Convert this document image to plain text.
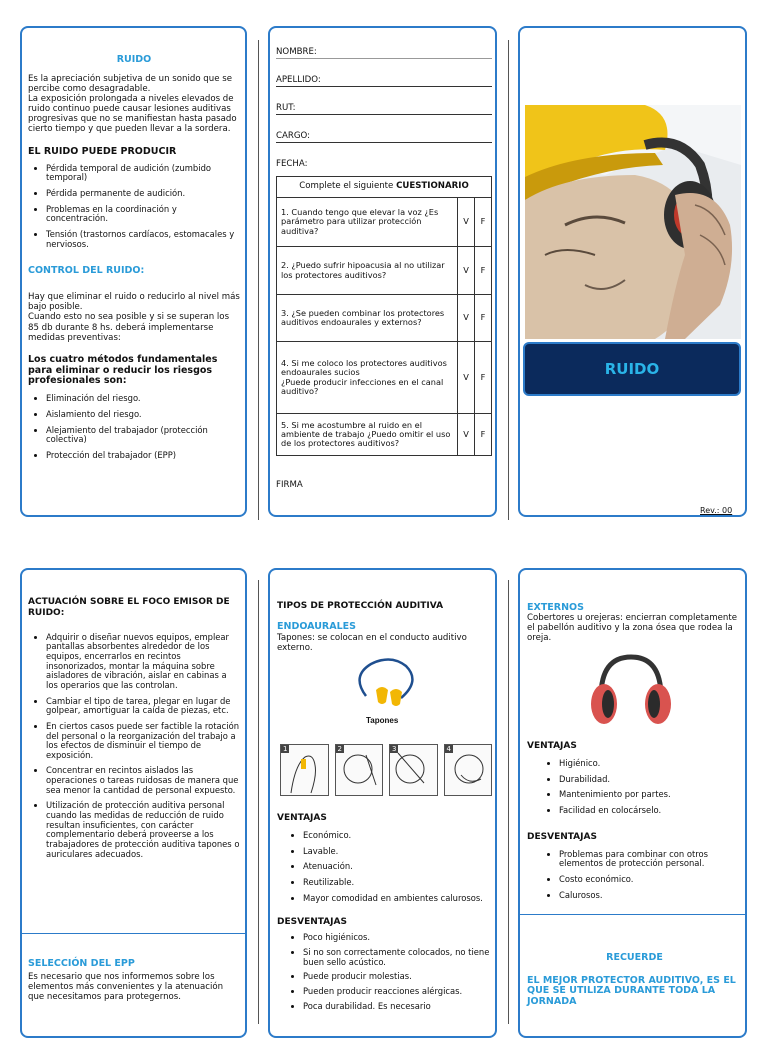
RUIDO

Es la apreciación subjetiva de un sonido que se percibe como desagradable.
La exposición prolongada a niveles elevados de ruido continuo puede causar lesiones auditivas progresivas que no se manifiestan hasta pasado cierto tiempo y que pueden llevar a la sordera.

EL RUIDO PUEDE PRODUCIR

• Pérdida temporal de audición (zumbido temporal)
• Pérdida permanente de audición.
• Problemas en la coordinación y concentración.
• Tensión (trastornos cardíacos, estomacales y nerviosos.

CONTROL DEL RUIDO:

Hay que eliminar el ruido o reducirlo al nivel más bajo posible.
Cuando esto no sea posible y si se superan los 85 db durante 8 hs. deberá implementarse medidas preventivas:

Los cuatro métodos fundamentales para eliminar o reducir los riesgos profesionales son:

• Eliminación del riesgo.
• Aislamiento del riesgo.
• Alejamiento del trabajador (protección colectiva)
• Protección del trabajador (EPP)
NOMBRE:
APELLIDO:
RUT:
CARGO:
FECHA:
Complete el siguiente CUESTIONARIO		
1. Cuando tengo que elevar la voz ¿Es parámetro para utilizar protección auditiva?	V	F
2. ¿Puedo sufrir hipoacusia al no utilizar los protectores auditivos?	V	F
3. ¿Se pueden combinar los protectores auditivos endoaurales y externos?	V	F
4. Si me coloco los protectores auditivos endoaurales sucios
¿Puede producir infecciones en el canal auditivo?	V	F
5. Si me acostumbre al ruido en el ambiente de trabajo ¿Puedo omitir el uso de los protectores auditivos?	V	F
FIRMA
RUIDO
Rev.: 00

ACTUACIÓN SOBRE EL FOCO EMISOR DE RUIDO:

• Adquirir o diseñar nuevos equipos, emplear pantallas absorbentes alrededor de los equipos, encerrarlos en recintos insonorizados, montar la máquina sobre aisladores de vibración, aislar en cabinas a los operarios que las controlan.
• Cambiar el tipo de tarea, plegar en lugar de golpear, amortiguar la caída de piezas, etc.
• En ciertos casos puede ser factible la rotación del personal o la reorganización del trabajo a los efectos de disminuir el tiempo de exposición.
• Concentrar en recintos aislados las operaciones o tareas ruidosas de manera que sea menor la cantidad de personal expuesto.
• Utilización de protección auditiva personal cuando las medidas de reducción de ruido resultan insuficientes, con carácter complementario deberá proveerse a los trabajadores de protección auditiva tapones o auriculares adecuados.

SELECCIÓN DEL EPP

Es necesario que nos informemos sobre los elementos más convenientes y la atenuación que necesitamos para protegernos.

TIPOS DE PROTECCIÓN AUDITIVA

ENDOAURALES

Tapones: se colocan en el conducto auditivo externo.

Tapones
1	2	3	4

VENTAJAS

• Económico.
• Lavable.
• Atenuación.
• Reutilizable.
• Mayor comodidad en ambientes calurosos.

DESVENTAJAS

• Poco higiénicos.
• Si no son correctamente colocados, no tiene buen sello acústico.
• Puede producir molestias.
• Pueden producir reacciones alérgicas.
• Poca durabilidad. Es necesario

EXTERNOS

Cobertores u orejeras: encierran completamente el pabellón auditivo y la zona ósea que rodea la oreja.

VENTAJAS

• Higiénico.
• Durabilidad.
• Mantenimiento por partes.
• Facilidad en colocárselo.

DESVENTAJAS

• Problemas para combinar con otros elementos de protección personal.
• Costo económico.
• Calurosos.

RECUERDE

EL MEJOR PROTECTOR AUDITIVO, ES EL QUE SE UTILIZA DURANTE TODA LA JORNADA
